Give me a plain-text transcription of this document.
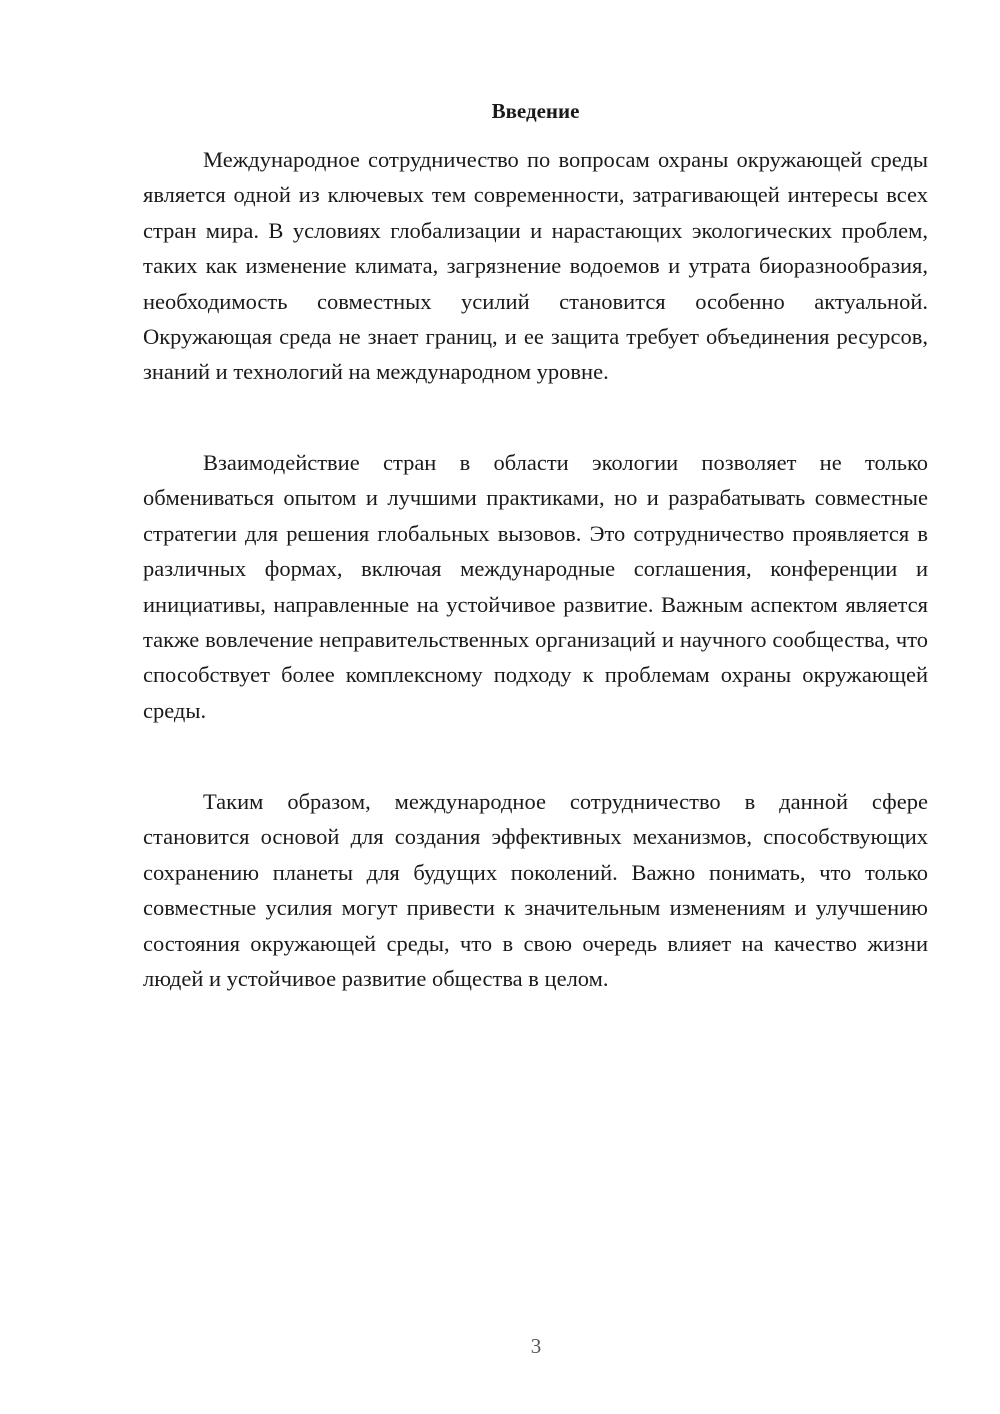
Введение

Международное сотрудничество по вопросам охраны окружающей среды является одной из ключевых тем современности, затрагивающей интересы всех стран мира. В условиях глобализации и нарастающих экологических проблем, таких как изменение климата, загрязнение водоемов и утрата биоразнообразия, необходимость совместных усилий становится особенно актуальной. Окружающая среда не знает границ, и ее защита требует объединения ресурсов, знаний и технологий на международном уровне.

Взаимодействие стран в области экологии позволяет не только обмениваться опытом и лучшими практиками, но и разрабатывать совместные стратегии для решения глобальных вызовов. Это сотрудничество проявляется в различных формах, включая международные соглашения, конференции и инициативы, направленные на устойчивое развитие. Важным аспектом является также вовлечение неправительственных организаций и научного сообщества, что способствует более комплексному подходу к проблемам охраны окружающей среды.

Таким образом, международное сотрудничество в данной сфере становится основой для создания эффективных механизмов, способствующих сохранению планеты для будущих поколений. Важно понимать, что только совместные усилия могут привести к значительным изменениям и улучшению состояния окружающей среды, что в свою очередь влияет на качество жизни людей и устойчивое развитие общества в целом.

3
